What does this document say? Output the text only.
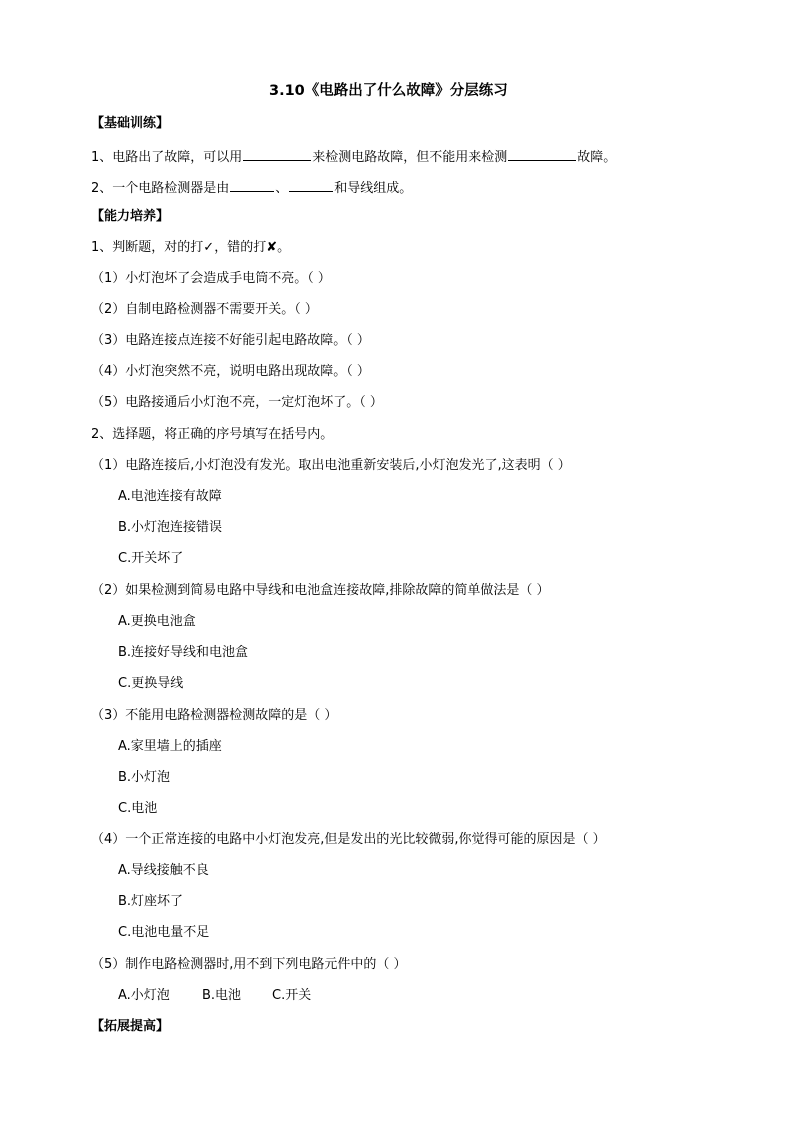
3.10《电路出了什么故障》分层练习
【基础训练】
1、电路出了故障，可以用	来检测电路故障，但不能用来检测	故障。
2、一个电路检测器是由	、	和导线组成。
【能力培养】
1、判断题，对的打✓，错的打✘。
（1）小灯泡坏了会造成手电筒不亮。（ ）
（2）自制电路检测器不需要开关。（ ）
（3）电路连接点连接不好能引起电路故障。（ ）
（4）小灯泡突然不亮，说明电路出现故障。（ ）
（5）电路接通后小灯泡不亮，一定灯泡坏了。（ ）
2、选择题，将正确的序号填写在括号内。
（1）电路连接后,小灯泡没有发光。取出电池重新安装后,小灯泡发光了,这表明（ ）
A.电池连接有故障
B.小灯泡连接错误
C.开关坏了
（2）如果检测到简易电路中导线和电池盒连接故障,排除故障的简单做法是（ ）
A.更换电池盒
B.连接好导线和电池盒
C.更换导线
（3）不能用电路检测器检测故障的是（ ）
A.家里墙上的插座
B.小灯泡
C.电池
（4）一个正常连接的电路中小灯泡发亮,但是发出的光比较微弱,你觉得可能的原因是（ ）
A.导线接触不良
B.灯座坏了
C.电池电量不足
（5）制作电路检测器时,用不到下列电路元件中的（ ）
A.小灯泡 B.电池 C.开关
【拓展提高】
